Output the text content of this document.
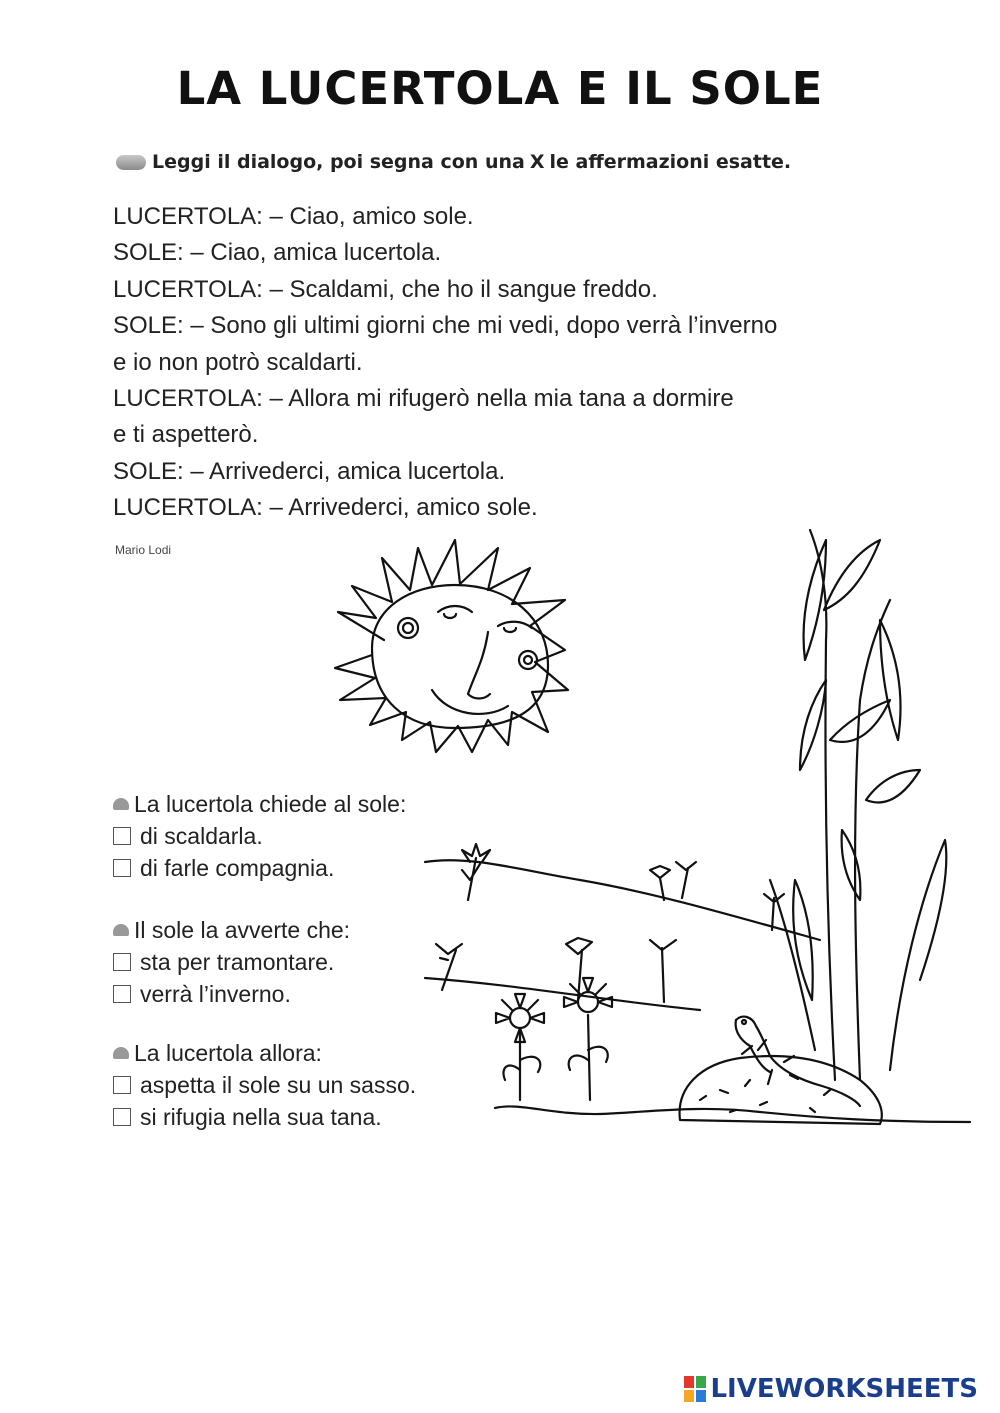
LA LUCERTOLA E IL SOLE
Leggi il dialogo, poi segna con una X le affermazioni esatte.
LUCERTOLA: – Ciao, amico sole.
SOLE: – Ciao, amica lucertola.
LUCERTOLA: – Scaldami, che ho il sangue freddo.
SOLE: – Sono gli ultimi giorni che mi vedi, dopo verrà l’inverno
e io non potrò scaldarti.
LUCERTOLA: – Allora mi rifugerò nella mia tana a dormire
e ti aspetterò.
SOLE: – Arrivederci, amica lucertola.
LUCERTOLA: – Arrivederci, amico sole.
Mario Lodi
La lucertola chiede al sole:
di scaldarla.
di farle compagnia.
Il sole la avverte che:
sta per tramontare.
verrà l’inverno.
La lucertola allora:
aspetta il sole su un sasso.
si rifugia nella sua tana.
LIVEWORKSHEETS
